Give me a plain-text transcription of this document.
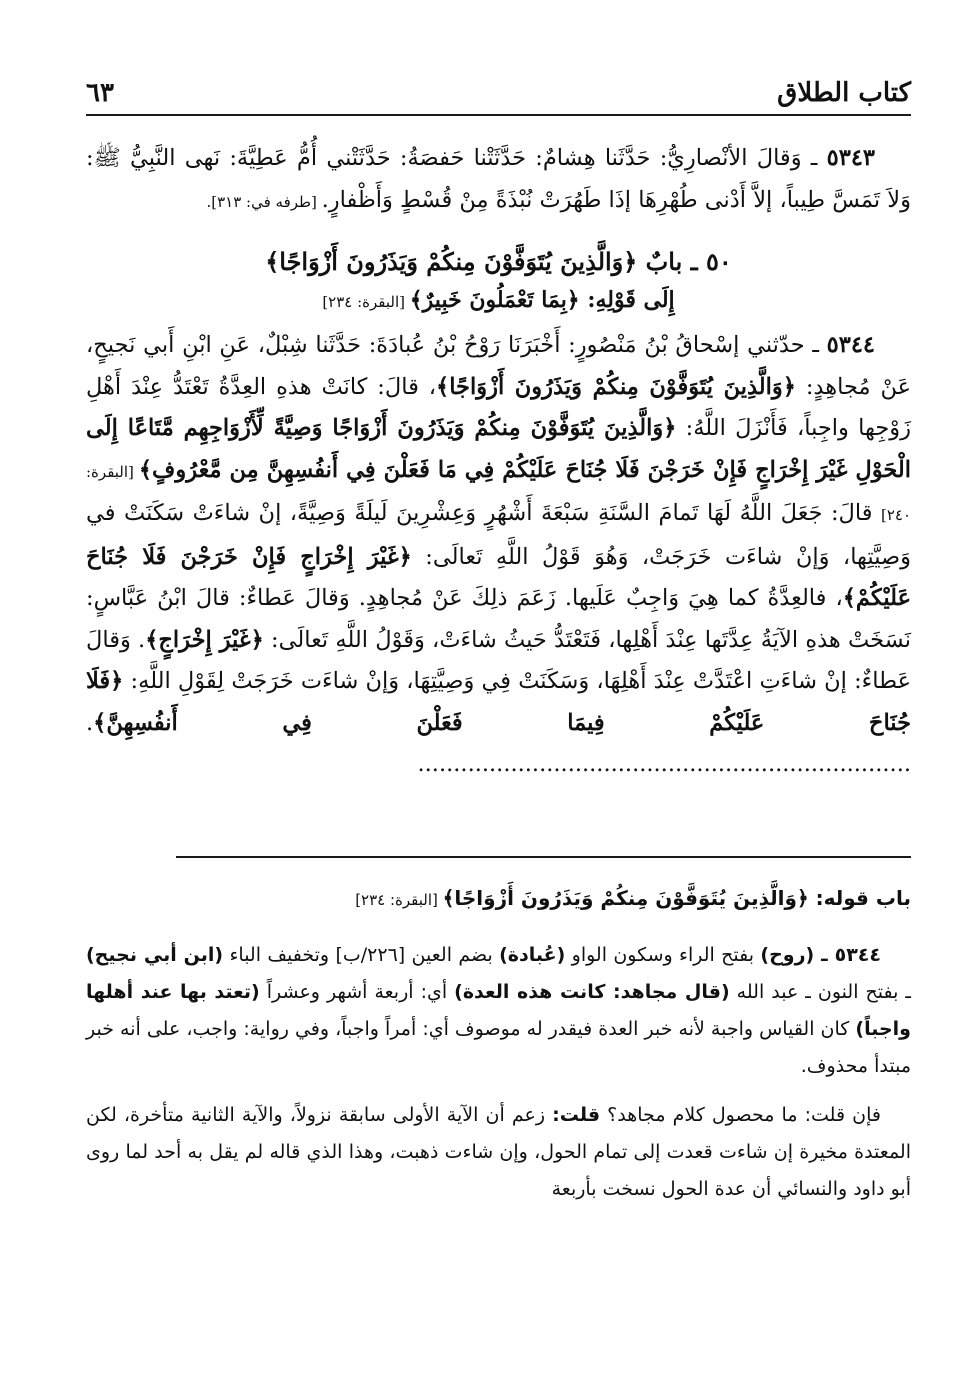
كتاب الطلاق
٦٣

٥٣٤٣ ـ وَقالَ الأنْصارِيُّ: حَدَّثَنا هِشامٌ: حَدَّثَتْنا حَفصَةُ: حَدَّثَتْني أُمُّ عَطِيَّةَ: نَهى النَّبِيُّ ﷺ: وَلاَ تَمَسَّ طِيباً، إلاَّ أَدْنى طُهْرِهَا إذَا طَهُرَتْ نُبْذَةً مِنْ قُسْطٍ وَأَظْفارٍ. [طرفه في: ٣١٣].

٥٠ ـ بابٌ ﴿وَالَّذِينَ يُتَوَفَّوْنَ مِنكُمْ وَيَذَرُونَ أَزْوَاجًا﴾
إِلَى قَوْلِهِ: ﴿بِمَا تَعْمَلُونَ خَبِيرٌ﴾ [البقرة: ٢٣٤]

٥٣٤٤ ـ حدّثني إسْحاقُ بْنُ مَنْصُورٍ: أَخْبَرَنَا رَوْحُ بْنُ عُبادَةَ: حَدَّثَنا شِبْلٌ، عَنِ ابْنِ أَبي نَجيحٍ، عَنْ مُجاهِدٍ: ﴿وَالَّذِينَ يُتَوَفَّوْنَ مِنكُمْ وَيَذَرُونَ أَزْوَاجًا﴾، قالَ: كانَتْ هذهِ العِدَّةُ تَعْتَدُّ عِنْدَ أَهْلِ زَوْجِها واجِباً، فَأَنْزَلَ اللَّهُ: ﴿وَالَّذِينَ يُتَوَفَّوْنَ مِنكُمْ وَيَذَرُونَ أَزْوَاجًا وَصِيَّةً لِّأَزْوَاجِهِم مَّتَاعًا إِلَى الْحَوْلِ غَيْرَ إِخْرَاجٍ فَإِنْ خَرَجْنَ فَلَا جُنَاحَ عَلَيْكُمْ فِي مَا فَعَلْنَ فِي أَنفُسِهِنَّ مِن مَّعْرُوفٍ﴾ [البقرة: ٢٤٠] قالَ: جَعَلَ اللَّهُ لَهَا تَمامَ السَّنَةِ سَبْعَةَ أَشْهُرٍ وَعِشْرِينَ لَيلَةً وَصِيَّةً، إنْ شاءَتْ سَكَنَتْ في وَصِيَّتِها، وَإنْ شاءَت خَرَجَتْ، وَهُوَ قَوْلُ اللَّهِ تَعالَى: ﴿غَيْرَ إِخْرَاجٍ فَإِنْ خَرَجْنَ فَلَا جُنَاحَ عَلَيْكُمْ﴾، فالعِدَّةُ كما هِيَ وَاجِبٌ عَلَيها. زَعَمَ ذلِكَ عَنْ مُجاهِدٍ. وَقالَ عَطاءٌ: قالَ ابْنُ عَبَّاسٍ: نَسَخَتْ هذهِ الآيَةُ عِدَّتَها عِنْدَ أَهْلِها، فَتَعْتَدُّ حَيثُ شاءَتْ، وَقَوْلُ اللَّهِ تَعالَى: ﴿غَيْرَ إِخْرَاجٍ﴾. وَقالَ عَطاءٌ: إنْ شاءَتِ اعْتَدَّتْ عِنْدَ أَهْلِهَا، وَسَكَنَتْ فِي وَصِيَّتِهَا، وَإنْ شاءَت خَرَجَتْ لِقَوْلِ اللَّهِ: ﴿فَلَا جُنَاحَ عَلَيْكُمْ فِيمَا فَعَلْنَ فِي أَنفُسِهِنَّ﴾. .....................................................................

باب قوله: ﴿وَالَّذِينَ يُتَوَفَّوْنَ مِنكُمْ وَيَذَرُونَ أَزْوَاجًا﴾ [البقرة: ٢٣٤]

٥٣٤٤ ـ (روح) بفتح الراء وسكون الواو (عُبادة) بضم العين [٢٢٦/ب] وتخفيف الباء (ابن أبي نجيح) ـ بفتح النون ـ عبد الله (قال مجاهد: كانت هذه العدة) أي: أربعة أشهر وعشراً (تعتد بها عند أهلها واجباً) كان القياس واجبة لأنه خبر العدة فيقدر له موصوف أي: أمراً واجباً، وفي رواية: واجب، على أنه خبر مبتدأ محذوف.

فإن قلت: ما محصول كلام مجاهد؟ قلت: زعم أن الآية الأولى سابقة نزولاً، والآية الثانية متأخرة، لكن المعتدة مخيرة إن شاءت قعدت إلى تمام الحول، وإن شاءت ذهبت، وهذا الذي قاله لم يقل به أحد لما روى أبو داود والنسائي أن عدة الحول نسخت بأربعة
